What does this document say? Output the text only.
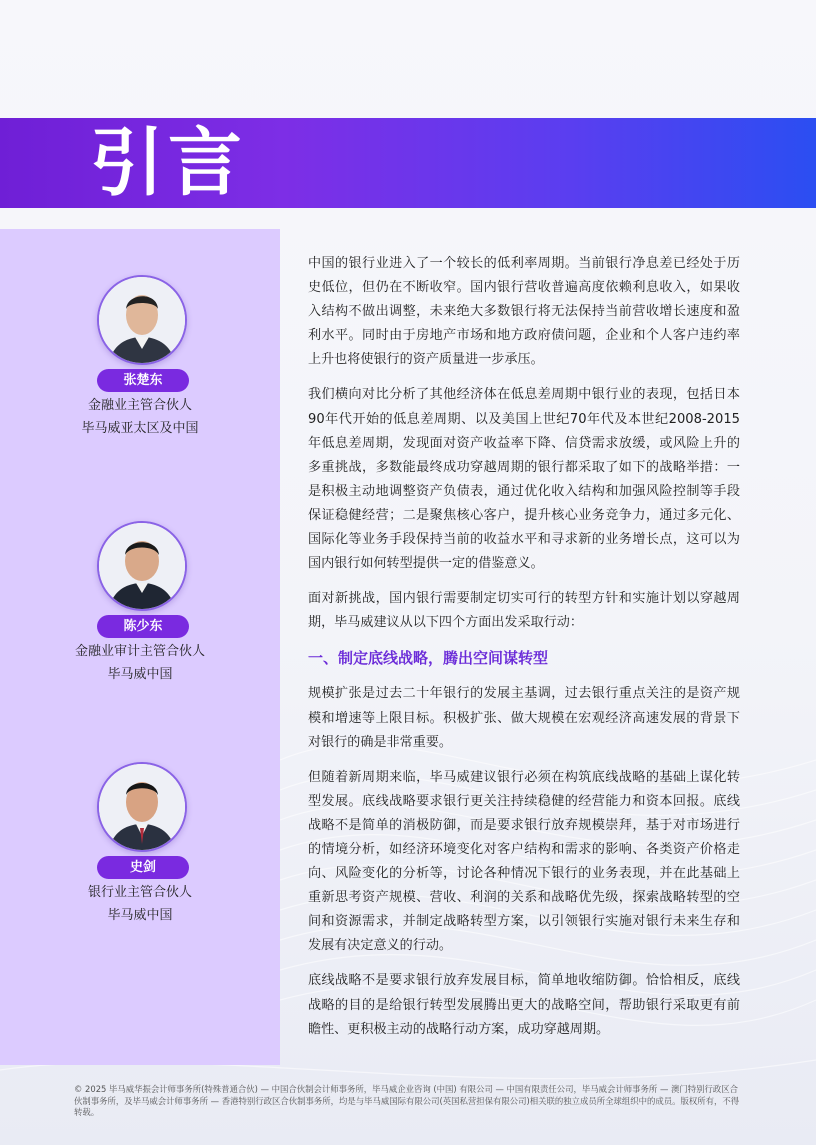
引言
张楚东
金融业主管合伙人
毕马威亚太区及中国
陈少东
金融业审计主管合伙人
毕马威中国
史剑
银行业主管合伙人
毕马威中国

中国的银行业进入了一个较长的低利率周期。当前银行净息差已经处于历史低位，但仍在不断收窄。国内银行营收普遍高度依赖利息收入，如果收入结构不做出调整，未来绝大多数银行将无法保持当前营收增长速度和盈利水平。同时由于房地产市场和地方政府债问题，企业和个人客户违约率上升也将使银行的资产质量进一步承压。

我们横向对比分析了其他经济体在低息差周期中银行业的表现，包括日本90年代开始的低息差周期、以及美国上世纪70年代及本世纪2008-2015年低息差周期，发现面对资产收益率下降、信贷需求放缓，或风险上升的多重挑战，多数能最终成功穿越周期的银行都采取了如下的战略举措：一是积极主动地调整资产负债表，通过优化收入结构和加强风险控制等手段保证稳健经营；二是聚焦核心客户，提升核心业务竞争力，通过多元化、国际化等业务手段保持当前的收益水平和寻求新的业务增长点，这可以为国内银行如何转型提供一定的借鉴意义。

面对新挑战，国内银行需要制定切实可行的转型方针和实施计划以穿越周期，毕马威建议从以下四个方面出发采取行动：

一、制定底线战略，腾出空间谋转型

规模扩张是过去二十年银行的发展主基调，过去银行重点关注的是资产规模和增速等上限目标。积极扩张、做大规模在宏观经济高速发展的背景下对银行的确是非常重要。

但随着新周期来临，毕马威建议银行必须在构筑底线战略的基础上谋化转型发展。底线战略要求银行更关注持续稳健的经营能力和资本回报。底线战略不是简单的消极防御，而是要求银行放弃规模崇拜，基于对市场进行的情境分析，如经济环境变化对客户结构和需求的影响、各类资产价格走向、风险变化的分析等，讨论各种情况下银行的业务表现，并在此基础上重新思考资产规模、营收、利润的关系和战略优先级，探索战略转型的空间和资源需求，并制定战略转型方案，以引领银行实施对银行未来生存和发展有决定意义的行动。

底线战略不是要求银行放弃发展目标，简单地收缩防御。恰恰相反，底线战略的目的是给银行转型发展腾出更大的战略空间，帮助银行采取更有前瞻性、更积极主动的战略行动方案，成功穿越周期。

© 2025 毕马威华振会计师事务所(特殊普通合伙) — 中国合伙制会计师事务所，毕马威企业咨询 (中国) 有限公司 — 中国有限责任公司，毕马威会计师事务所 — 澳门特别行政区合伙制事务所，及毕马威会计师事务所 — 香港特别行政区合伙制事务所，均是与毕马威国际有限公司(英国私营担保有限公司)相关联的独立成员所全球组织中的成员。版权所有，不得转载。
